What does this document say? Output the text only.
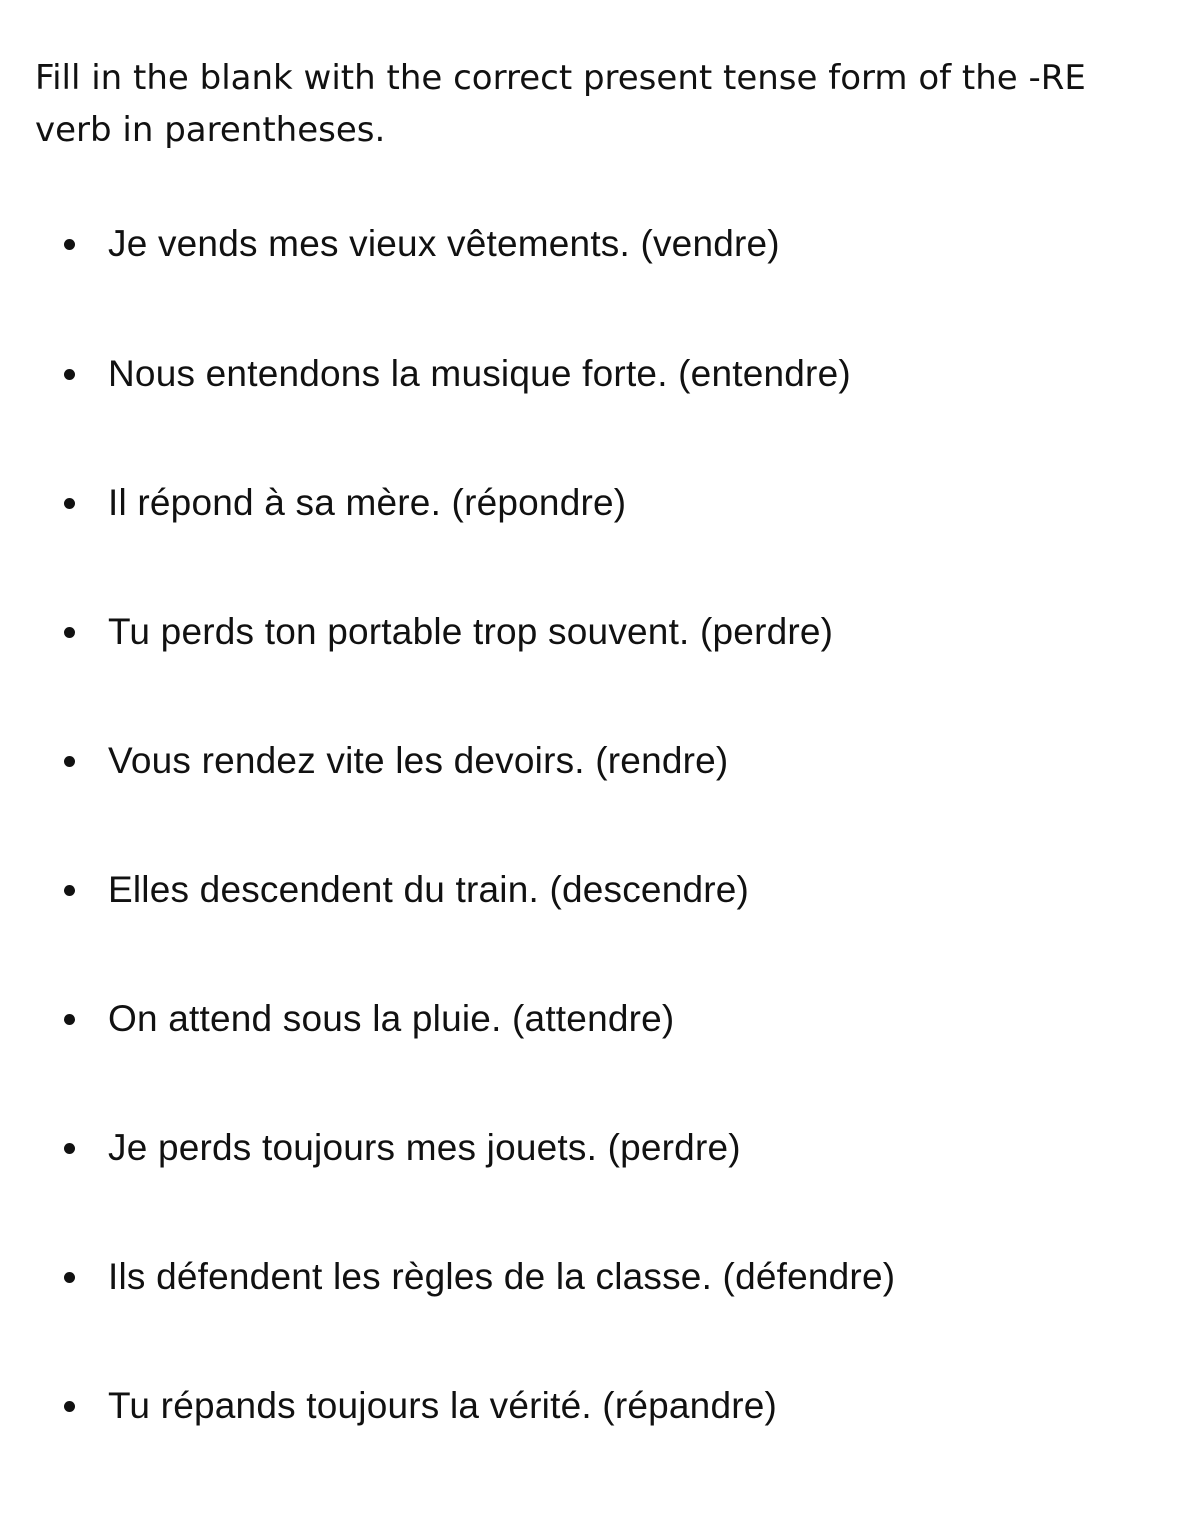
Fill in the blank with the correct present tense form of the -RE verb in parentheses.

Je vends mes vieux vêtements. (vendre)
Nous entendons la musique forte. (entendre)
Il répond à sa mère. (répondre)
Tu perds ton portable trop souvent. (perdre)
Vous rendez vite les devoirs. (rendre)
Elles descendent du train. (descendre)
On attend sous la pluie. (attendre)
Je perds toujours mes jouets. (perdre)
Ils défendent les règles de la classe. (défendre)
Tu répands toujours la vérité. (répandre)
